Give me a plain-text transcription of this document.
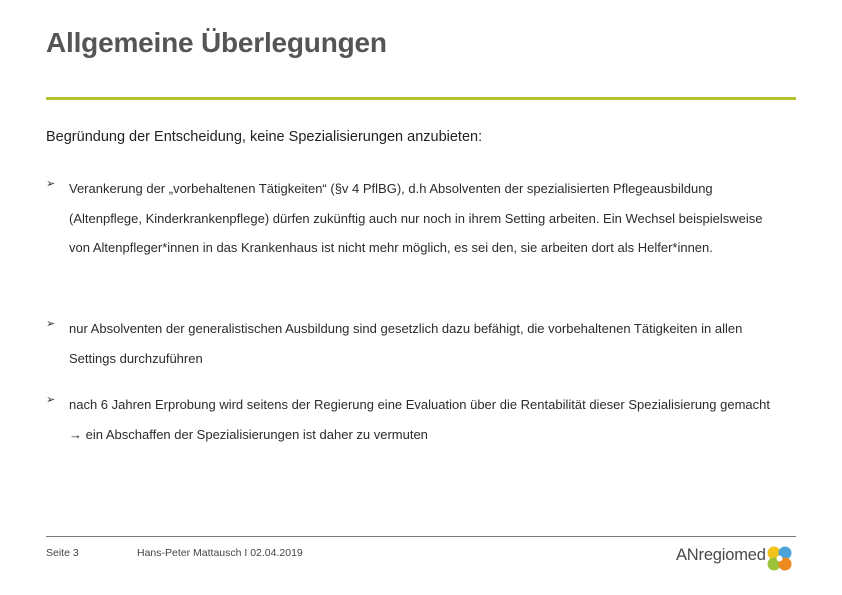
Allgemeine Überlegungen
Begründung der Entscheidung, keine Spezialisierungen anzubieten:
➢ Verankerung der „vorbehaltenen Tätigkeiten“ (§v 4 PflBG), d.h Absolventen der spezialisierten Pflegeausbildung (Altenpflege, Kinderkrankenpflege) dürfen zukünftig auch nur noch in ihrem Setting arbeiten. Ein Wechsel beispielsweise von Altenpfleger*innen in das Krankenhaus ist nicht mehr möglich, es sei den, sie arbeiten dort als Helfer*innen.
➢ nur Absolventen der generalistischen Ausbildung sind gesetzlich dazu befähigt, die vorbehaltenen Tätigkeiten in allen Settings durchzuführen
➢ nach 6 Jahren Erprobung wird seitens der Regierung eine Evaluation über die Rentabilität dieser Spezialisierung gemacht → ein Abschaffen der Spezialisierungen ist daher zu vermuten
Seite 3	Hans-Peter Mattausch I 02.04.2019	ANregiomed
